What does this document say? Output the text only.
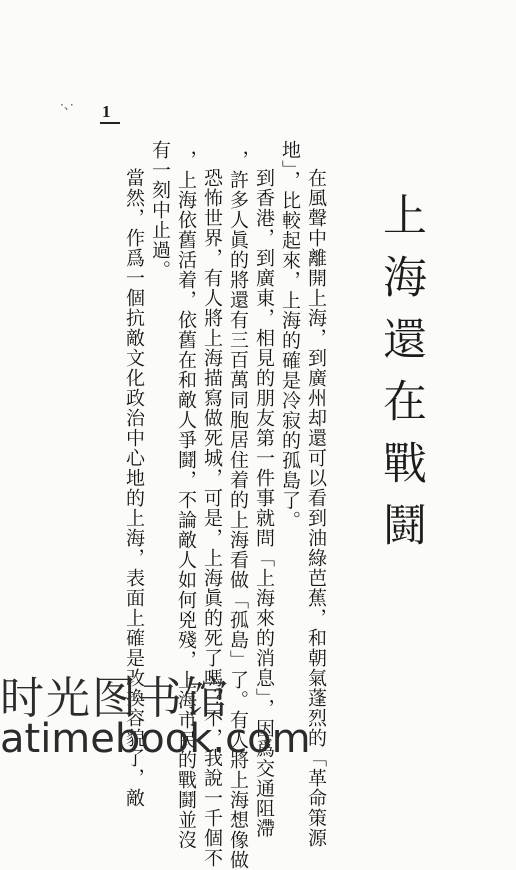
上海還在戰鬪
在風聲中離開上海，到廣州却還可以看到油綠芭蕉，和朝氣蓬烈的「革命策源
地」，比較起來，上海的確是冷寂的孤島了。
到香港，到廣東，相見的朋友第一件事就問「上海來的消息」，因爲交通阻滯
，許多人眞的將還有三百萬同胞居住着的上海看做「孤島」了。有人將上海想像做
恐怖世界，有人將上海描寫做死城，可是，上海眞的死了嗎？不，我說一千個不
，上海依舊活着，依舊在和敵人爭鬪，不論敵人如何兇殘，上海市民的戰鬪並沒
有一刻中止過。
當然，作爲一個抗敵文化政治中心地的上海，表面上確是改換容貌了，敵
·、· 1
时光图书馆
atimebook.com
